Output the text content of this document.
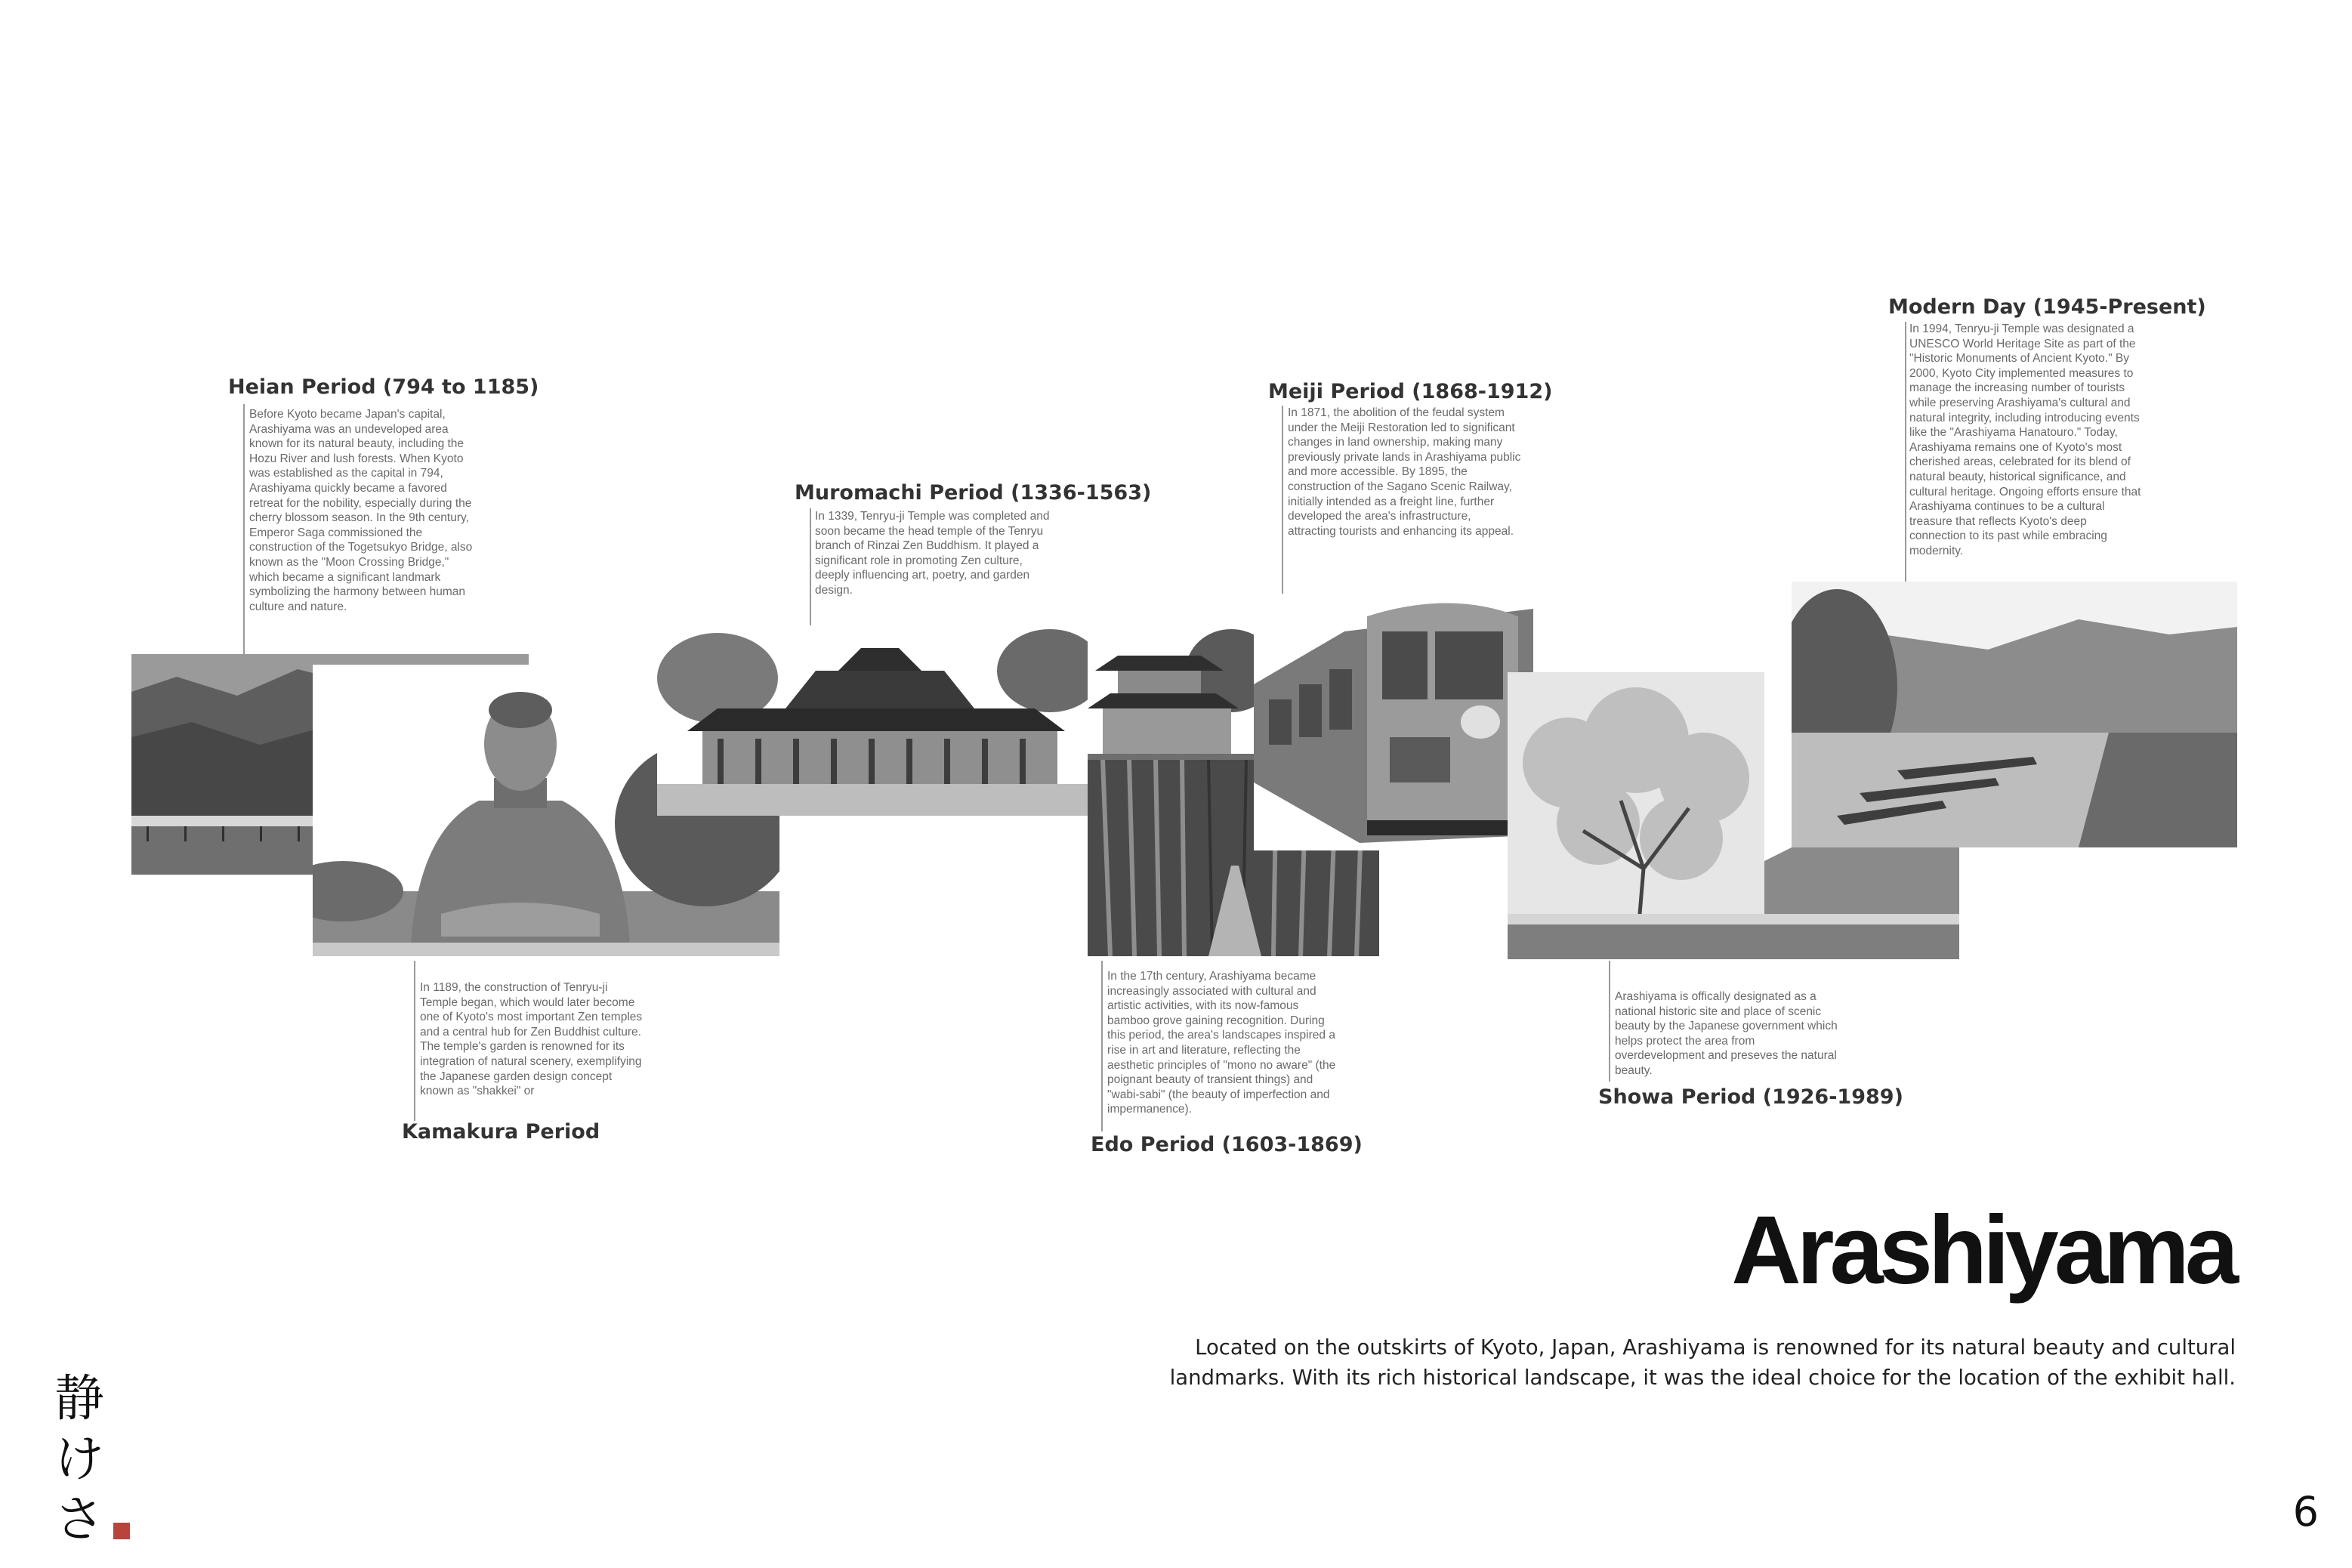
Heian Period (794 to 1185)

Before Kyoto became Japan's capital, Arashiyama was an undeveloped area known for its natural beauty, including the Hozu River and lush forests. When Kyoto was established as the capital in 794, Arashiyama quickly became a favored retreat for the nobility, especially during the cherry blossom season. In the 9th century, Emperor Saga commissioned the construction of the Togetsukyo Bridge, also known as the "Moon Crossing Bridge," which became a significant landmark symbolizing the harmony between human culture and nature.

Muromachi Period (1336-1563)

In 1339, Tenryu-ji Temple was completed and soon became the head temple of the Tenryu branch of Rinzai Zen Buddhism. It played a significant role in promoting Zen culture, deeply influencing art, poetry, and garden design.

Meiji Period (1868-1912)

In 1871, the abolition of the feudal system under the Meiji Restoration led to significant changes in land ownership, making many previously private lands in Arashiyama public and more accessible. By 1895, the construction of the Sagano Scenic Railway, initially intended as a freight line, further developed the area's infrastructure, attracting tourists and enhancing its appeal.

Modern Day (1945-Present)

In 1994, Tenryu-ji Temple was designated a UNESCO World Heritage Site as part of the "Historic Monuments of Ancient Kyoto." By 2000, Kyoto City implemented measures to manage the increasing number of tourists while preserving Arashiyama's cultural and natural integrity, including introducing events like the "Arashiyama Hanatouro." Today, Arashiyama remains one of Kyoto's most cherished areas, celebrated for its blend of natural beauty, historical significance, and cultural heritage. Ongoing efforts ensure that Arashiyama continues to be a cultural treasure that reflects Kyoto's deep connection to its past while embracing modernity.

In 1189, the construction of Tenryu-ji Temple began, which would later become one of Kyoto's most important Zen temples and a central hub for Zen Buddhist culture. The temple's garden is renowned for its integration of natural scenery, exemplifying the Japanese garden design concept known as "shakkei" or

Kamakura Period

In the 17th century, Arashiyama became increasingly associated with cultural and artistic activities, with its now-famous bamboo grove gaining recognition. During this period, the area's landscapes inspired a rise in art and literature, reflecting the aesthetic principles of "mono no aware" (the poignant beauty of transient things) and "wabi-sabi" (the beauty of imperfection and impermanence).

Edo Period (1603-1869)

Arashiyama is offically designated as a national historic site and place of scenic beauty by the Japanese government which helps protect the area from overdevelopment and preseves the natural beauty.

Showa Period (1926-1989)
Arashiyama

Located on the outskirts of Kyoto, Japan, Arashiyama is renowned for its natural beauty and cultural landmarks. With its rich historical landscape, it was the ideal choice for the location of the exhibit hall.

静
け
さ	6
